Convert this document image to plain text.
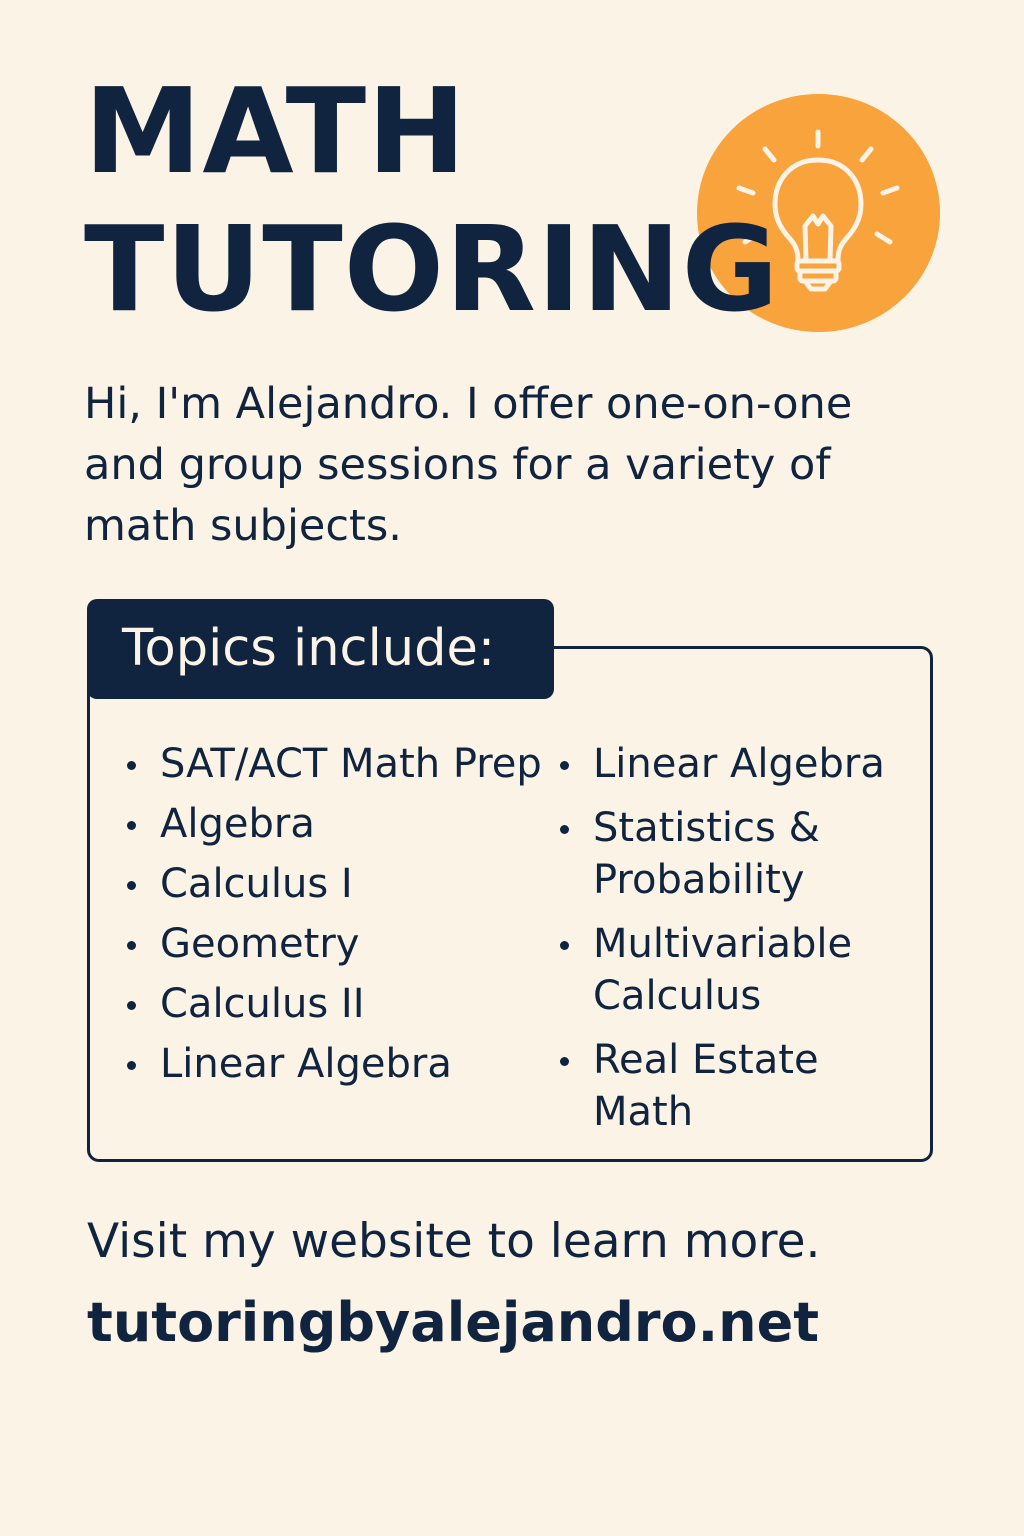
MATH
TUTORING

Hi, I'm Alejandro. I offer one-on-one and group sessions for a variety of math subjects.

Topics include:
SAT/ACT Math Prep
Algebra
Calculus I
Geometry
Calculus II
Linear Algebra
Linear Algebra
Statistics & Probability
Multivariable Calculus
Real Estate Math

Visit my website to learn more.

tutoringbyalejandro.net
